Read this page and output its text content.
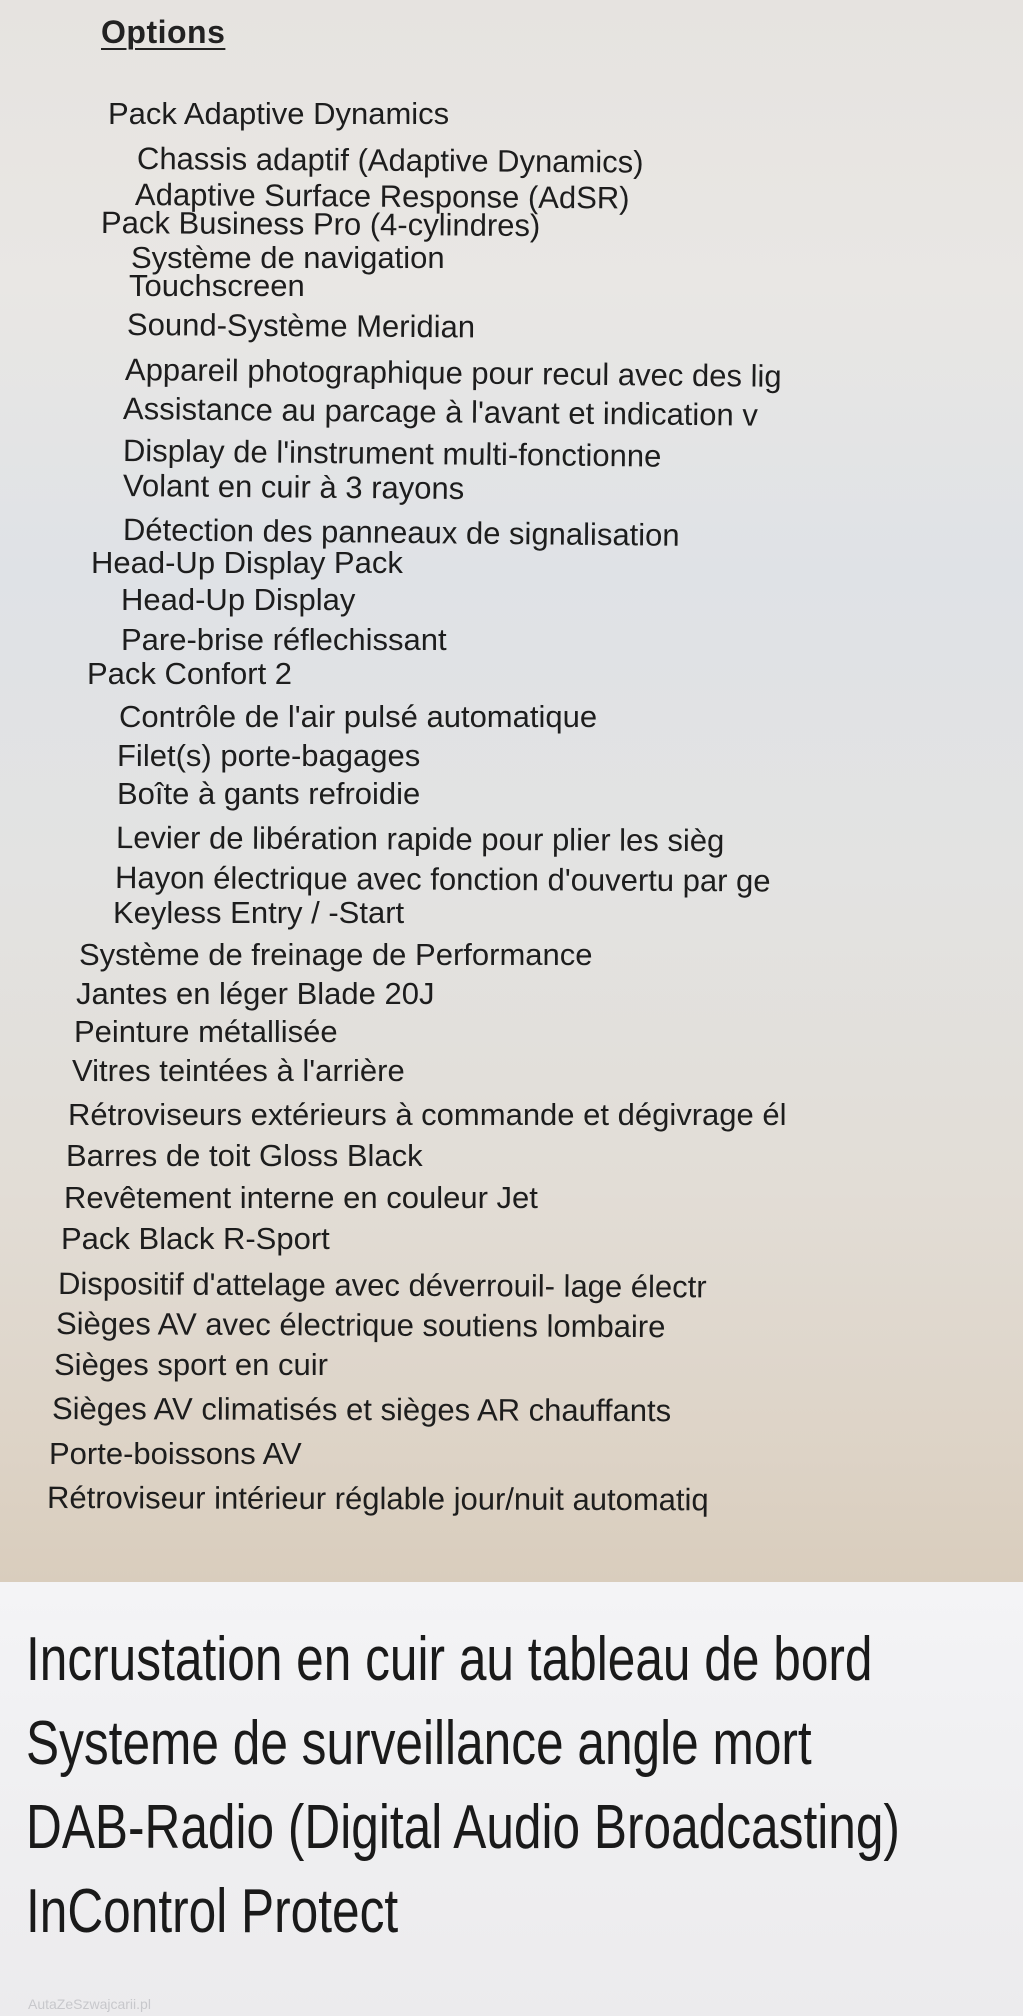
Options
Pack Adaptive Dynamics
Chassis adaptif (Adaptive Dynamics)
Adaptive Surface Response (AdSR)
Pack Business Pro (4-cylindres)
Système de navigation
Touchscreen
Sound-Système Meridian
Appareil photographique pour recul avec des lig
Assistance au parcage à l'avant et indication v
Display de l'instrument multi-fonctionne
Volant en cuir à 3 rayons
Détection des panneaux de signalisation
Head-Up Display Pack
Head-Up Display
Pare-brise réflechissant
Pack Confort 2
Contrôle de l'air pulsé automatique
Filet(s) porte-bagages
Boîte à gants refroidie
Levier de libération rapide pour plier les sièg
Hayon électrique avec fonction d'ouvertu par ge
Keyless Entry / -Start
Système de freinage de Performance
Jantes en léger Blade 20J
Peinture métallisée
Vitres teintées à l'arrière
Rétroviseurs extérieurs à commande et dégivrage él
Barres de toit Gloss Black
Revêtement interne en couleur Jet
Pack Black R-Sport
Dispositif d'attelage avec déverrouil- lage électr
Sièges AV avec électrique soutiens lombaire
Sièges sport en cuir
Sièges AV climatisés et sièges AR chauffants
Porte-boissons AV
Rétroviseur intérieur réglable jour/nuit automatiq
Incrustation en cuir au tableau de bord
Systeme de surveillance angle mort
DAB-Radio (Digital Audio Broadcasting)
InControl Protect
AutaZeSzwajcarii.pl
